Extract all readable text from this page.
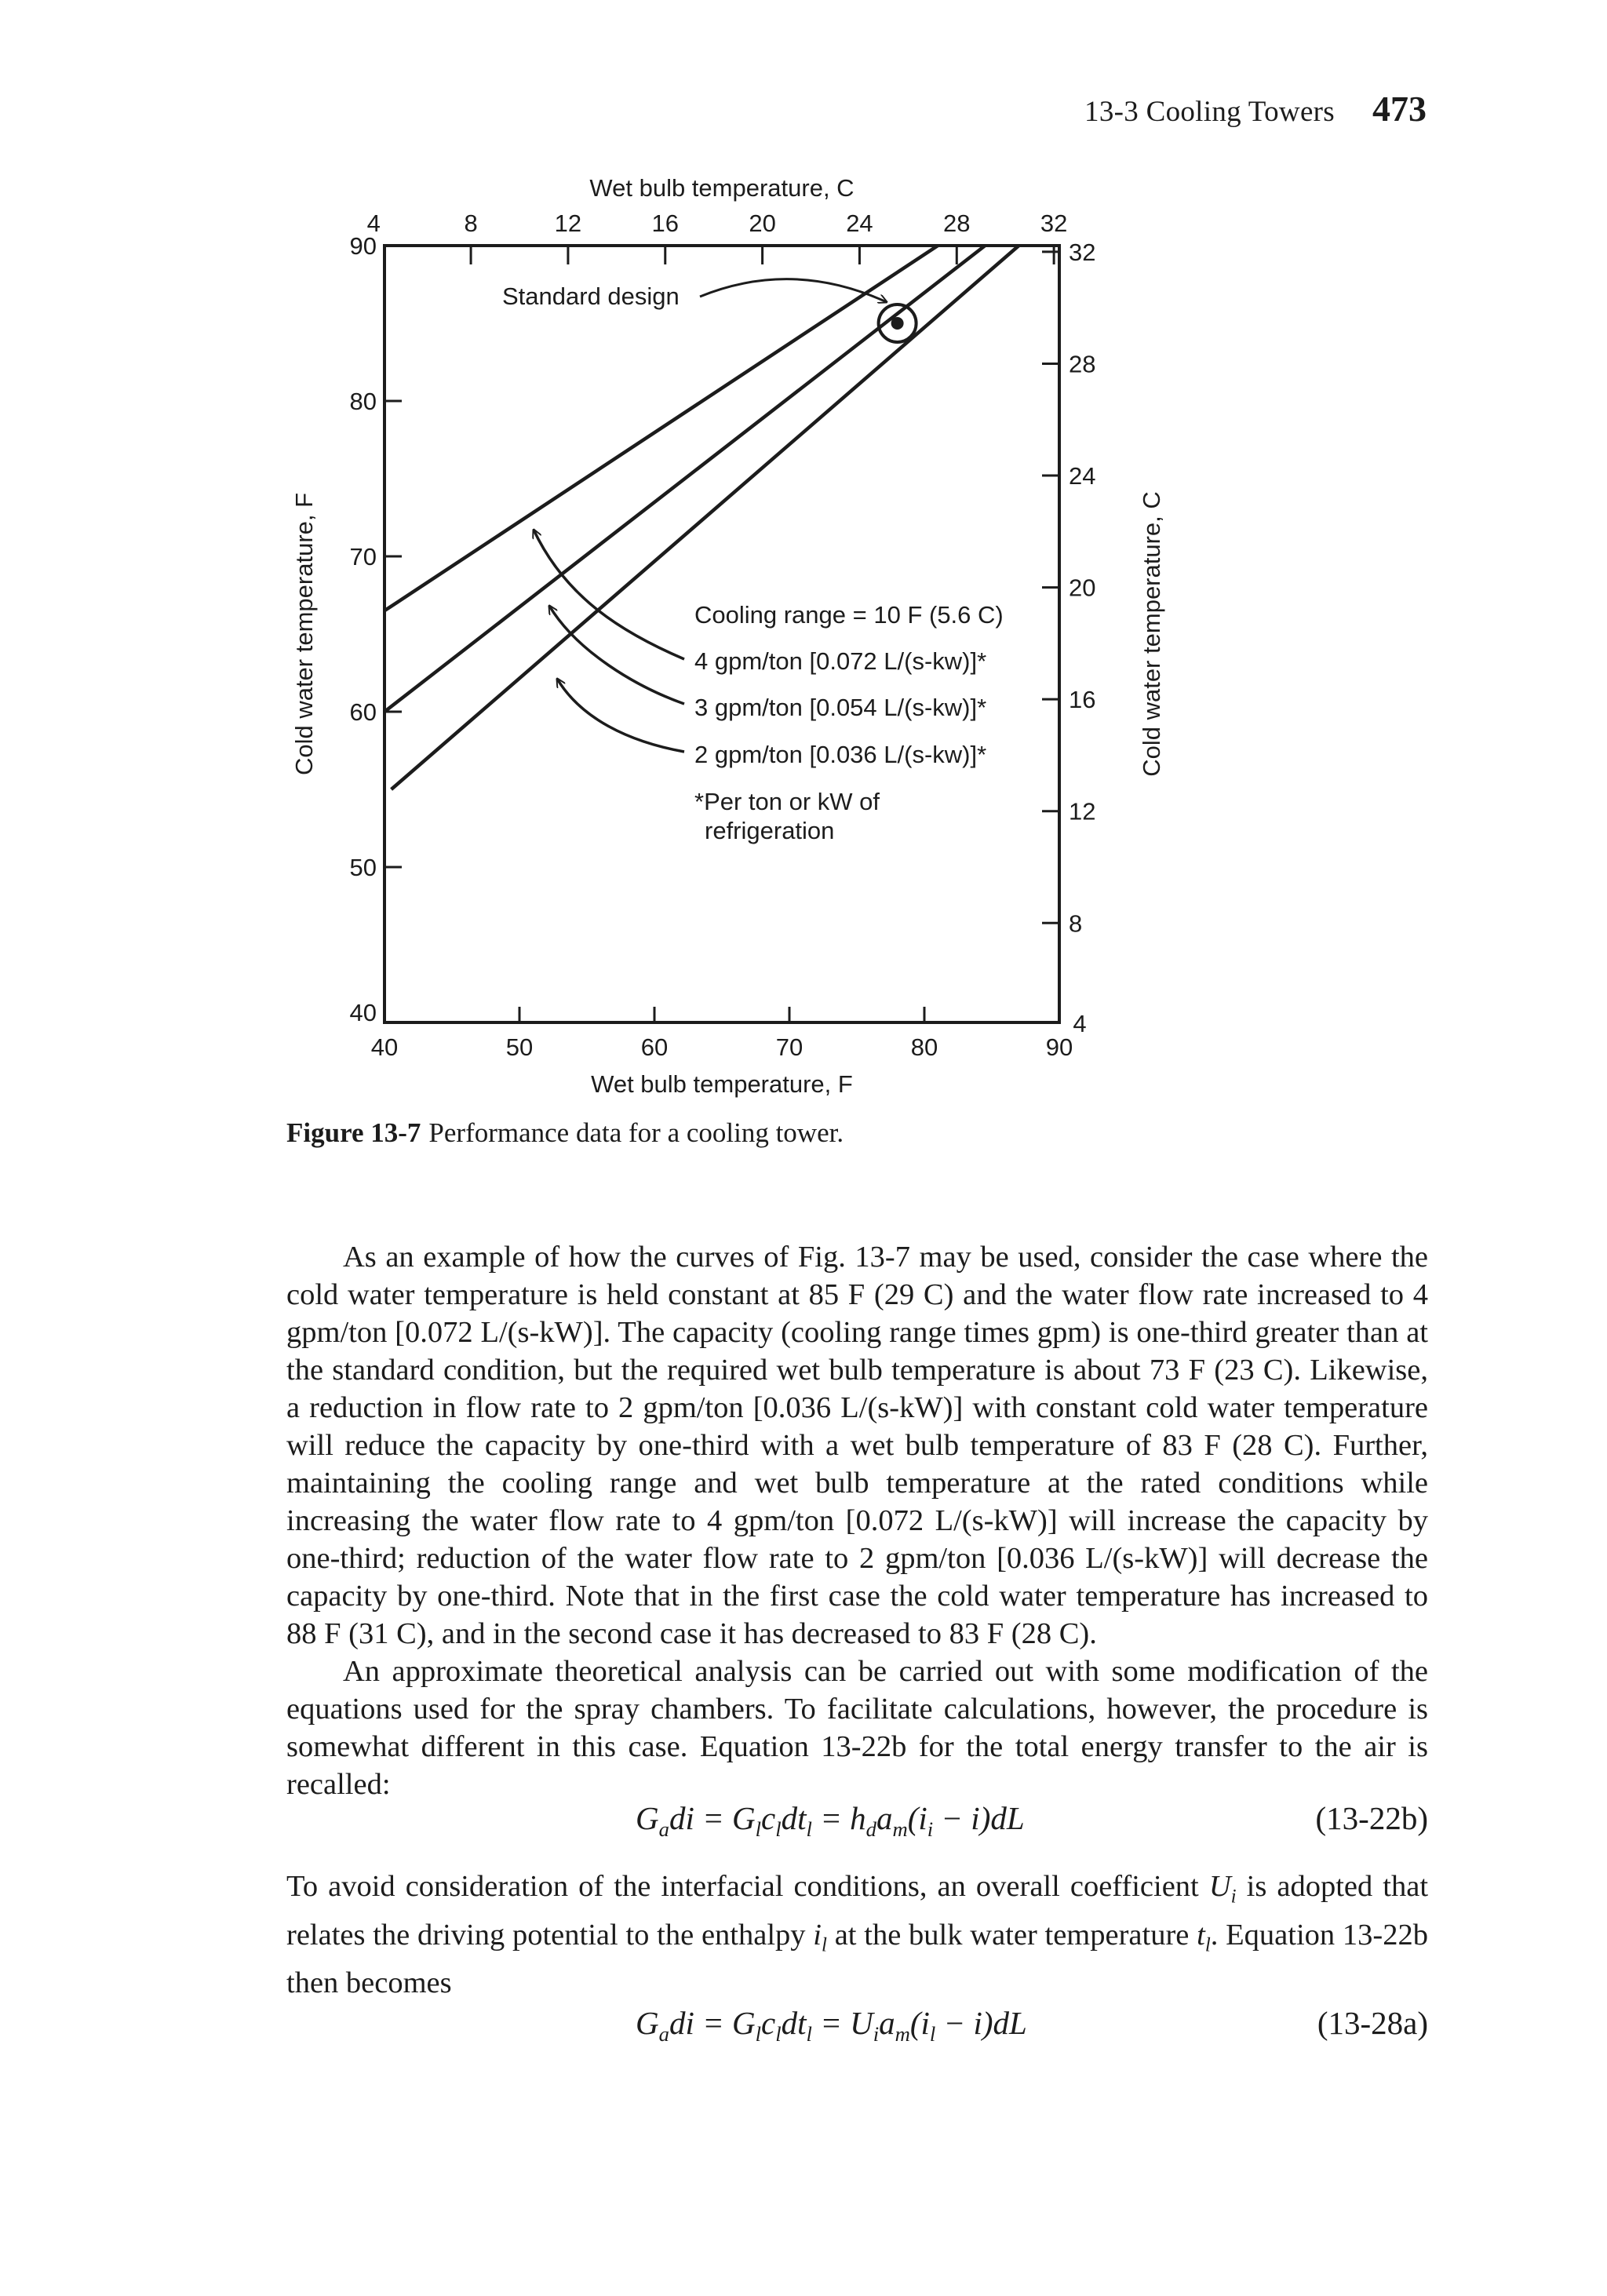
13-3 Cooling Towers 473
40	50	60	70	80	90
40
50
60
70
80
90
4	8	12	16	20	24	28	32
4
8
12
16
20
24
28
32
Wet bulb temperature, C
Wet bulb temperature, F
Cold water temperature, F	Cold water temperature, C
Standard design
Cooling range = 10 F (5.6 C)
4 gpm/ton [0.072 L/(s-kw)]*
3 gpm/ton [0.054 L/(s-kw)]*
2 gpm/ton [0.036 L/(s-kw)]*
*Per ton or kW of
refrigeration
Figure 13-7 Performance data for a cooling tower.

As an example of how the curves of Fig. 13-7 may be used, consider the case where the cold water temperature is held constant at 85 F (29 C) and the water flow rate increased to 4 gpm/ton [0.072 L/(s-kW)]. The capacity (cooling range times gpm) is one-third greater than at the standard condition, but the required wet bulb temperature is about 73 F (23 C). Likewise, a reduction in flow rate to 2 gpm/ton [0.036 L/(s-kW)] with constant cold water temperature will reduce the capacity by one-third with a wet bulb temperature of 83 F (28 C). Further, maintaining the cooling range and wet bulb temperature at the rated conditions while increasing the water flow rate to 4 gpm/ton [0.072 L/(s-kW)] will increase the capacity by one-third; reduction of the water flow rate to 2 gpm/ton [0.036 L/(s-kW)] will decrease the capacity by one-third. Note that in the first case the cold water temperature has increased to 88 F (31 C), and in the second case it has decreased to 83 F (28 C).

An approximate theoretical analysis can be carried out with some modification of the equations used for the spray chambers. To facilitate calculations, however, the procedure is somewhat different in this case. Equation 13-22b for the total energy transfer to the air is recalled:

$G_adi = G_lc_ldt_l = h_da_m(i_i - i)dL$	(13-22b)

To avoid consideration of the interfacial conditions, an overall coefficient $U_i$ is adopted that relates the driving potential to the enthalpy $i_l$ at the bulk water temperature $t_l$. Equation 13-22b then becomes

$G_adi = G_lc_ldt_l = U_ia_m(i_l - i)dL$	(13-28a)
